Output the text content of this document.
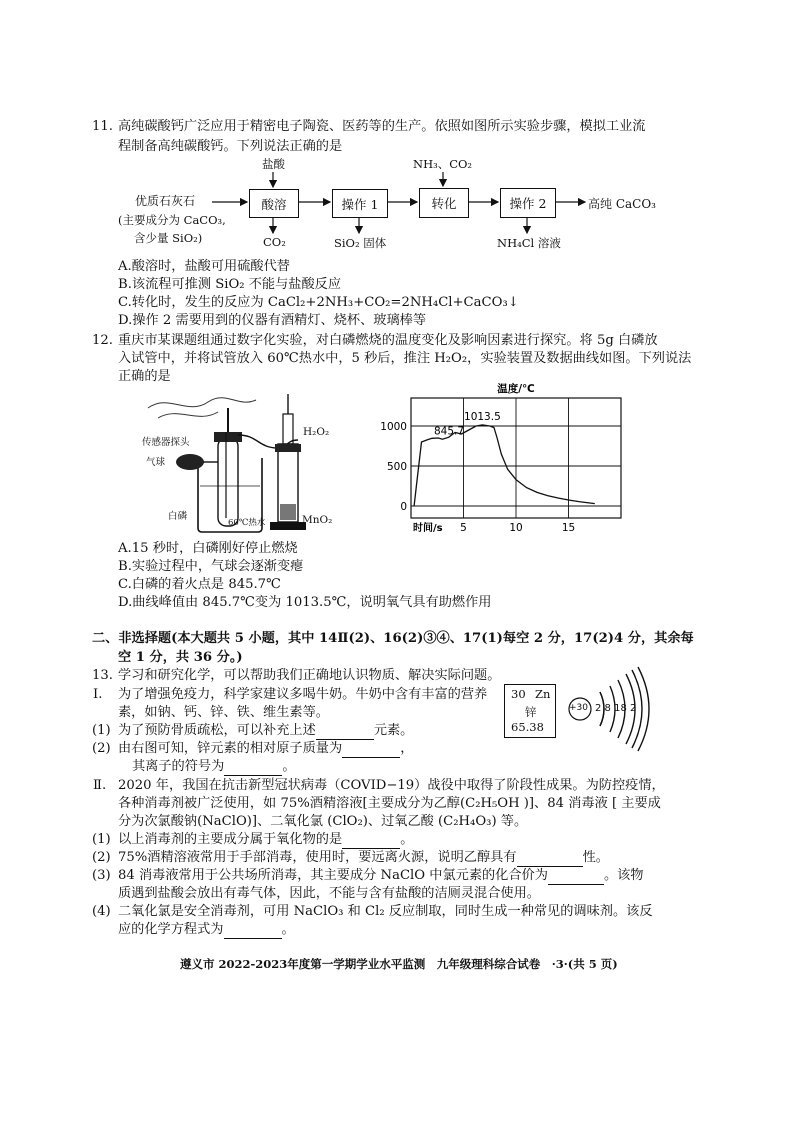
11. 高纯碳酸钙广泛应用于精密电子陶瓷、医药等的生产。依照如图所示实验步骤，模拟工业流
程制备高纯碳酸钙。下列说法正确的是
优质石灰石
(主要成分为 CaCO₃,
含少量 SiO₂)
酸溶	操作 1	转化	操作 2
盐酸	NH₃、CO₂
CO₂	SiO₂ 固体	NH₄Cl 溶液
高纯 CaCO₃
A.酸溶时，盐酸可用硫酸代替
B.该流程可推测 SiO₂ 不能与盐酸反应
C.转化时，发生的反应为 CaCl₂+2NH₃+CO₂=2NH₄Cl+CaCO₃↓
D.操作 2 需要用到的仪器有酒精灯、烧杯、玻璃棒等
12. 重庆市某课题组通过数字化实验，对白磷燃烧的温度变化及影响因素进行探究。将 5g 白磷放
入试管中，并将试管放入 60℃热水中，5 秒后，推注 H₂O₂，实验装置及数据曲线如图。下列说法
正确的是
传感器探头
气球
白磷
60℃热水
H₂O₂
MnO₂
5	10	15
0
500
1000
时间/s
温度/℃
845.7
1013.5
A.15 秒时，白磷刚好停止燃烧
B.实验过程中，气球会逐渐变瘪
C.白磷的着火点是 845.7℃
D.曲线峰值由 845.7℃变为 1013.5℃，说明氧气具有助燃作用
二、非选择题(本大题共 5 小题，其中 14Ⅱ(2)、16(2)③④、17(1)每空 2 分，17(2)4 分，其余每
空 1 分，共 36 分。)
13. 学习和研究化学，可以帮助我们正确地认识物质、解决实际问题。
Ⅰ. 为了增强免疫力，科学家建议多喝牛奶。牛奶中含有丰富的营养
素，如钠、钙、锌、铁、维生素等。
(1) 为了预防骨质疏松，可以补充上述	元素。
(2) 由右图可知，锌元素的相对原子质量为	，
其离子的符号为	。
30 Zn
锌
65.38
+30 2 8 18 2
Ⅱ. 2020 年，我国在抗击新型冠状病毒（COVID−19）战役中取得了阶段性成果。为防控疫情，
各种消毒剂被广泛使用，如 75%酒精溶液[主要成分为乙醇(C₂H₅OH )]、84 消毒液 [ 主要成
分为次氯酸钠(NaClO)]、二氧化氯 (ClO₂)、过氧乙酸 (C₂H₄O₃) 等。
(1) 以上消毒剂的主要成分属于氧化物的是	。
(2) 75%酒精溶液常用于手部消毒，使用时，要远离火源，说明乙醇具有	性。
(3) 84 消毒液常用于公共场所消毒，其主要成分 NaClO 中氯元素的化合价为	。该物
质遇到盐酸会放出有毒气体，因此，不能与含有盐酸的洁厕灵混合使用。
(4) 二氧化氯是安全消毒剂，可用 NaClO₃ 和 Cl₂ 反应制取，同时生成一种常见的调味剂。该反
应的化学方程式为	。
遵义市 2022-2023年度第一学期学业水平监测　九年级理科综合试卷　·3·(共 5 页)
